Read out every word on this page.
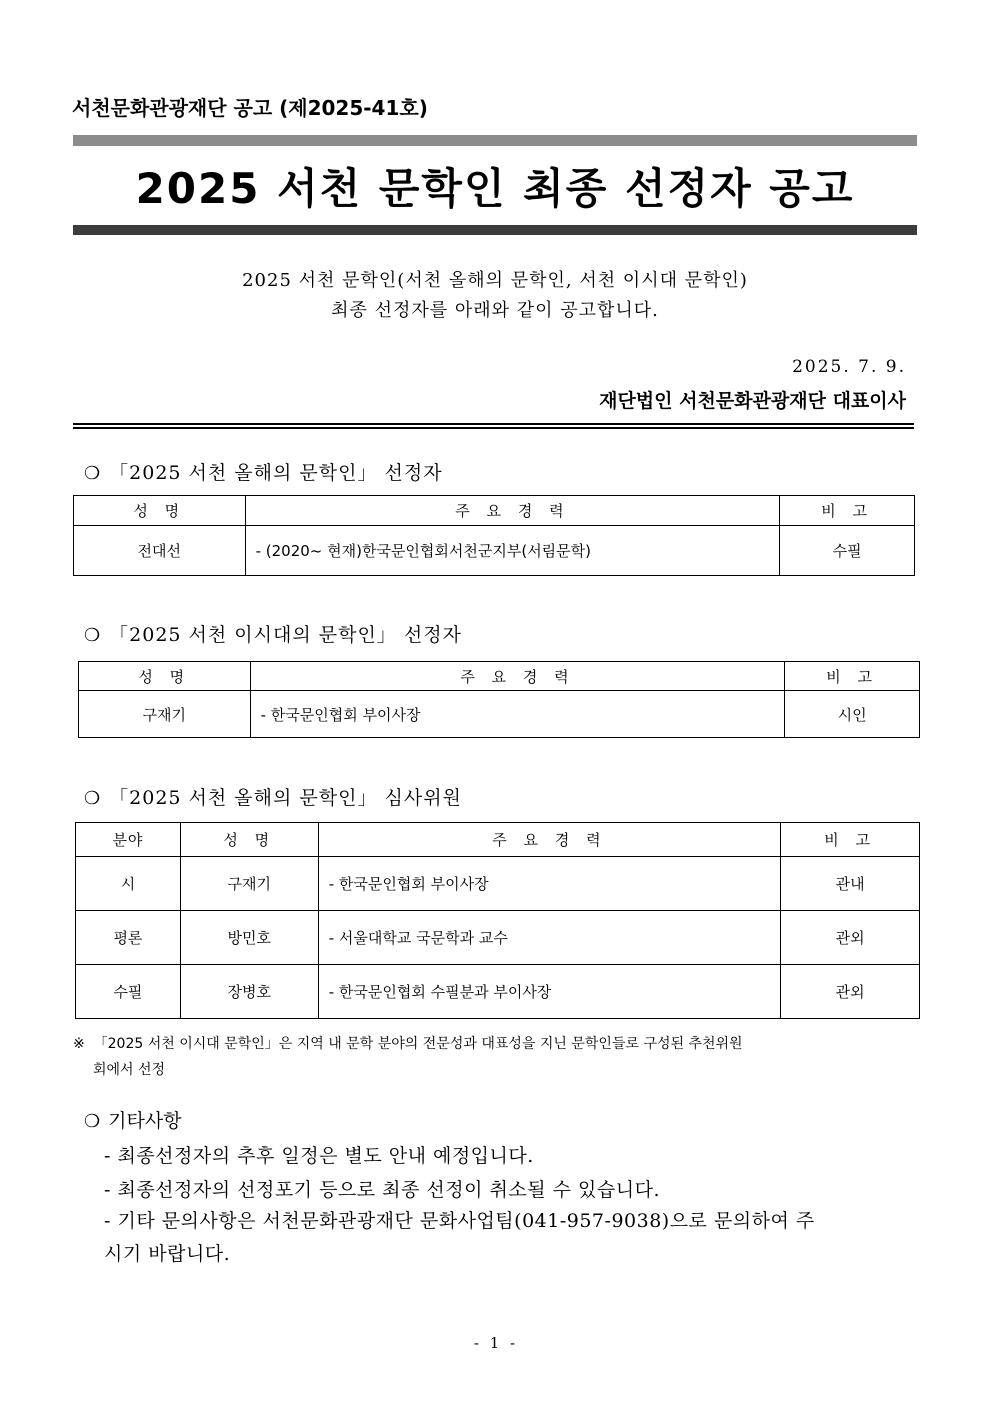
서천문화관광재단 공고 (제2025-41호)
2025 서천 문학인 최종 선정자 공고
2025 서천 문학인(서천 올해의 문학인, 서천 이시대 문학인)
최종 선정자를 아래와 같이 공고합니다.
2025. 7. 9.
재단법인 서천문화관광재단 대표이사
❍ 「2025 서천 올해의 문학인」 선정자
성 명	주 요 경 력	비 고
전대선	- (2020~ 현재)한국문인협회서천군지부(서림문학)	수필
❍ 「2025 서천 이시대의 문학인」 선정자
성 명	주 요 경 력	비 고
구재기	- 한국문인협회 부이사장	시인
❍ 「2025 서천 올해의 문학인」 심사위원
분야	성 명	주 요 경 력	비 고
시	구재기	- 한국문인협회 부이사장	관내
평론	방민호	- 서울대학교 국문학과 교수	관외
수필	장병호	- 한국문인협회 수필분과 부이사장	관외
※ 「2025 서천 이시대 문학인」은 지역 내 문학 분야의 전문성과 대표성을 지닌 문학인들로 구성된 추천위원
회에서 선정
❍ 기타사항
- 최종선정자의 추후 일정은 별도 안내 예정입니다.
- 최종선정자의 선정포기 등으로 최종 선정이 취소될 수 있습니다.
- 기타 문의사항은 서천문화관광재단 문화사업팀(041-957-9038)으로 문의하여 주
시기 바랍니다.
- 1 -
